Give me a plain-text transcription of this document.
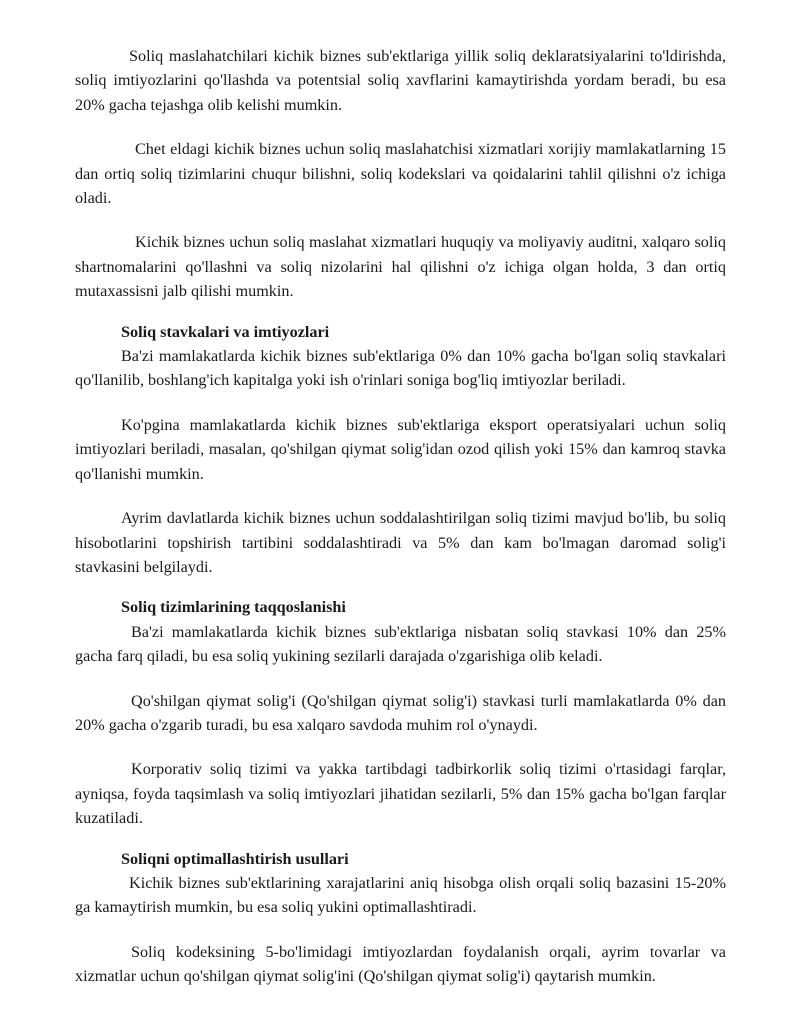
Soliq maslahatchilari kichik biznes sub'ektlariga yillik soliq deklaratsiyalarini to'ldirishda, soliq imtiyozlarini qo'llashda va potentsial soliq xavflarini kamaytirishda yordam beradi, bu esa 20% gacha tejashga olib kelishi mumkin.

Chet eldagi kichik biznes uchun soliq maslahatchisi xizmatlari xorijiy mamlakatlarning 15 dan ortiq soliq tizimlarini chuqur bilishni, soliq kodekslari va qoidalarini tahlil qilishni o'z ichiga oladi.

Kichik biznes uchun soliq maslahat xizmatlari huquqiy va moliyaviy auditni, xalqaro soliq shartnomalarini qo'llashni va soliq nizolarini hal qilishni o'z ichiga olgan holda, 3 dan ortiq mutaxassisni jalb qilishi mumkin.

Soliq stavkalari va imtiyozlari

Ba'zi mamlakatlarda kichik biznes sub'ektlariga 0% dan 10% gacha bo'lgan soliq stavkalari qo'llanilib, boshlang'ich kapitalga yoki ish o'rinlari soniga bog'liq imtiyozlar beriladi.

Ko'pgina mamlakatlarda kichik biznes sub'ektlariga eksport operatsiyalari uchun soliq imtiyozlari beriladi, masalan, qo'shilgan qiymat solig'idan ozod qilish yoki 15% dan kamroq stavka qo'llanishi mumkin.

Ayrim davlatlarda kichik biznes uchun soddalashtirilgan soliq tizimi mavjud bo'lib, bu soliq hisobotlarini topshirish tartibini soddalashtiradi va 5% dan kam bo'lmagan daromad solig'i stavkasini belgilaydi.

Soliq tizimlarining taqqoslanishi

Ba'zi mamlakatlarda kichik biznes sub'ektlariga nisbatan soliq stavkasi 10% dan 25% gacha farq qiladi, bu esa soliq yukining sezilarli darajada o'zgarishiga olib keladi.

Qo'shilgan qiymat solig'i (Qo'shilgan qiymat solig'i) stavkasi turli mamlakatlarda 0% dan 20% gacha o'zgarib turadi, bu esa xalqaro savdoda muhim rol o'ynaydi.

Korporativ soliq tizimi va yakka tartibdagi tadbirkorlik soliq tizimi o'rtasidagi farqlar, ayniqsa, foyda taqsimlash va soliq imtiyozlari jihatidan sezilarli, 5% dan 15% gacha bo'lgan farqlar kuzatiladi.

Soliqni optimallashtirish usullari

Kichik biznes sub'ektlarining xarajatlarini aniq hisobga olish orqali soliq bazasini 15-20% ga kamaytirish mumkin, bu esa soliq yukini optimallashtiradi.

Soliq kodeksining 5-bo'limidagi imtiyozlardan foydalanish orqali, ayrim tovarlar va xizmatlar uchun qo'shilgan qiymat solig'ini (Qo'shilgan qiymat solig'i) qaytarish mumkin.
